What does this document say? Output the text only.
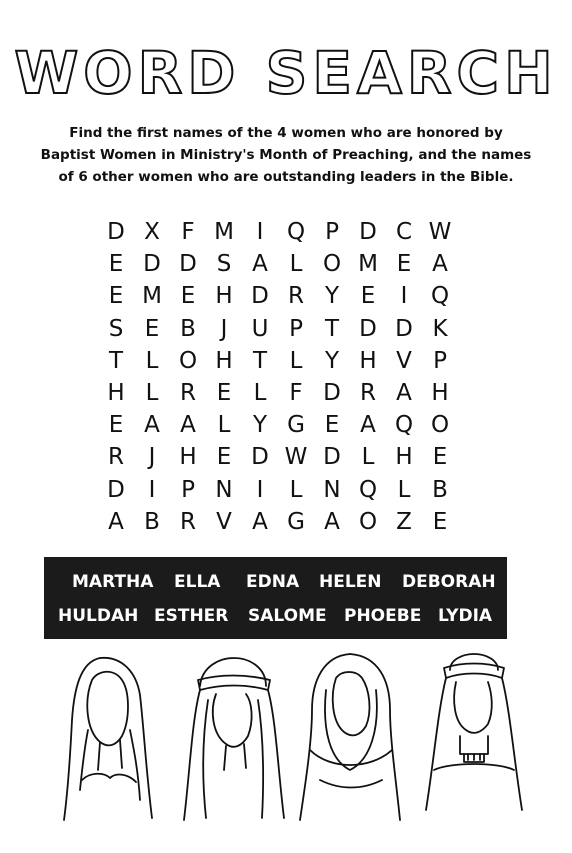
WORD SEARCH
Find the first names of the 4 women who are honored by Baptist Women in Ministry's Month of Preaching, and the names of 6 other women who are outstanding leaders in the Bible.
D X F M I	Q P D C W
E D D S A L O M E A
E M E H D R Y E	I	Q
S E B	J	U P T D D K
T L O H T L Y H V P
H L R E L F D R A H
E A A L Y G E A Q O
R	J	H E D W D L H E
D	I	P N	I	L N Q L B
A B R V A G A O Z E
MARTHA ELLA EDNA HELEN DEBORAH
HULDAH ESTHER SALOME PHOEBE LYDIA
